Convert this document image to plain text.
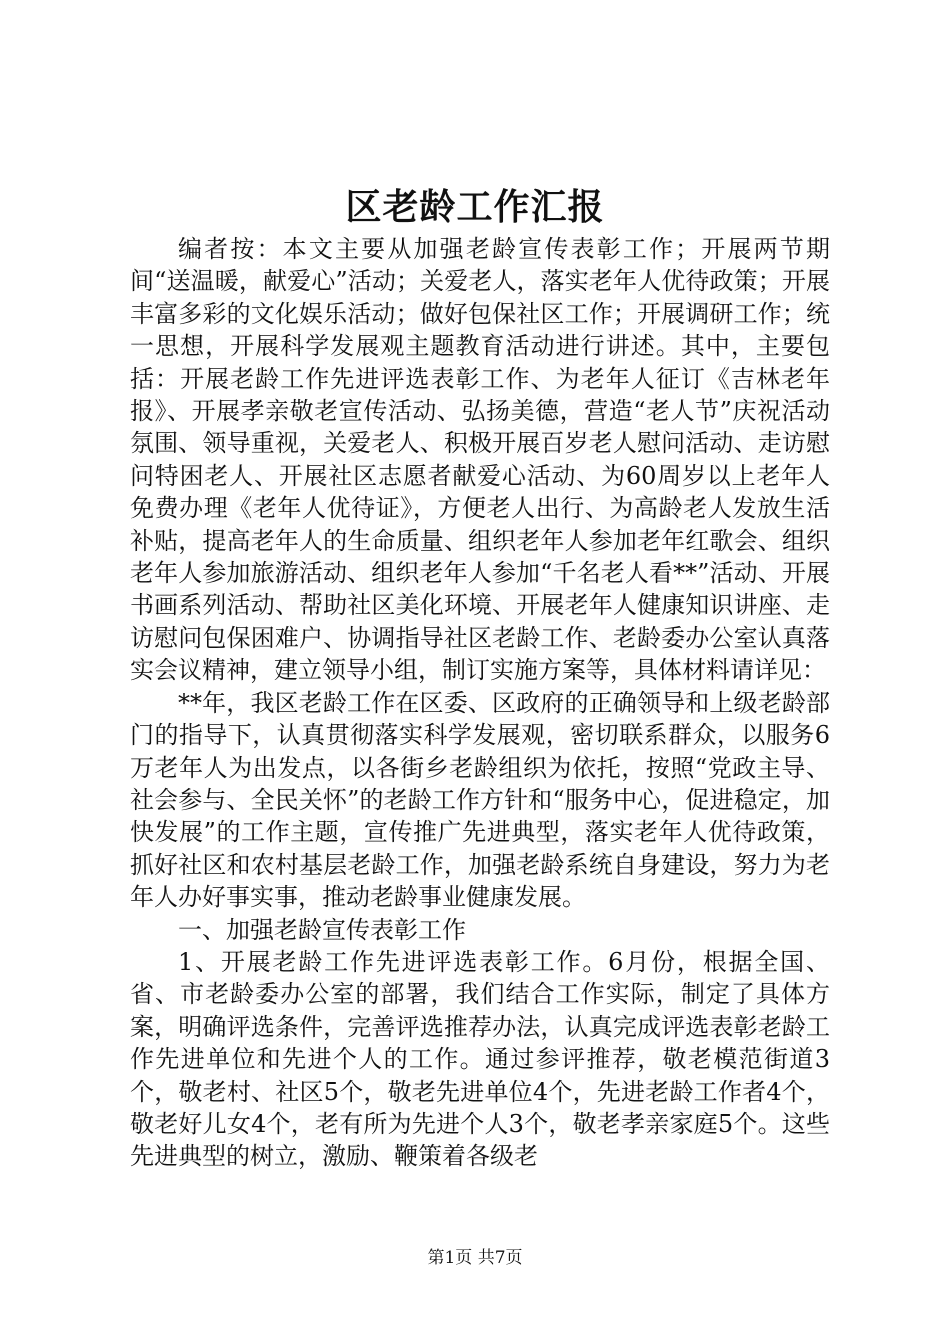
区老龄工作汇报

编者按：本文主要从加强老龄宣传表彰工作；开展两节期间“送温暖，献爱心”活动；关爱老人，落实老年人优待政策；开展丰富多彩的文化娱乐活动；做好包保社区工作；开展调研工作；统一思想，开展科学发展观主题教育活动进行讲述。其中，主要包括：开展老龄工作先进评选表彰工作、为老年人征订《吉林老年报》、开展孝亲敬老宣传活动、弘扬美德，营造“老人节”庆祝活动氛围、领导重视，关爱老人、积极开展百岁老人慰问活动、走访慰问特困老人、开展社区志愿者献爱心活动、为60周岁以上老年人免费办理《老年人优待证》，方便老人出行、为高龄老人发放生活补贴，提高老年人的生命质量、组织老年人参加老年红歌会、组织老年人参加旅游活动、组织老年人参加“千名老人看**”活动、开展书画系列活动、帮助社区美化环境、开展老年人健康知识讲座、走访慰问包保困难户、协调指导社区老龄工作、老龄委办公室认真落实会议精神，建立领导小组，制订实施方案等，具体材料请详见：

**年，我区老龄工作在区委、区政府的正确领导和上级老龄部门的指导下，认真贯彻落实科学发展观，密切联系群众，以服务6万老年人为出发点，以各街乡老龄组织为依托，按照“党政主导、社会参与、全民关怀”的老龄工作方针和“服务中心，促进稳定，加快发展”的工作主题，宣传推广先进典型，落实老年人优待政策，抓好社区和农村基层老龄工作，加强老龄系统自身建设，努力为老年人办好事实事，推动老龄事业健康发展。

一、加强老龄宣传表彰工作

1、开展老龄工作先进评选表彰工作。6月份，根据全国、省、市老龄委办公室的部署，我们结合工作实际，制定了具体方案，明确评选条件，完善评选推荐办法，认真完成评选表彰老龄工作先进单位和先进个人的工作。通过参评推荐，敬老模范街道3个，敬老村、社区5个，敬老先进单位4个，先进老龄工作者4个，敬老好儿女4个，老有所为先进个人3个，敬老孝亲家庭5个。这些先进典型的树立，激励、鞭策着各级老

第1页 共7页
